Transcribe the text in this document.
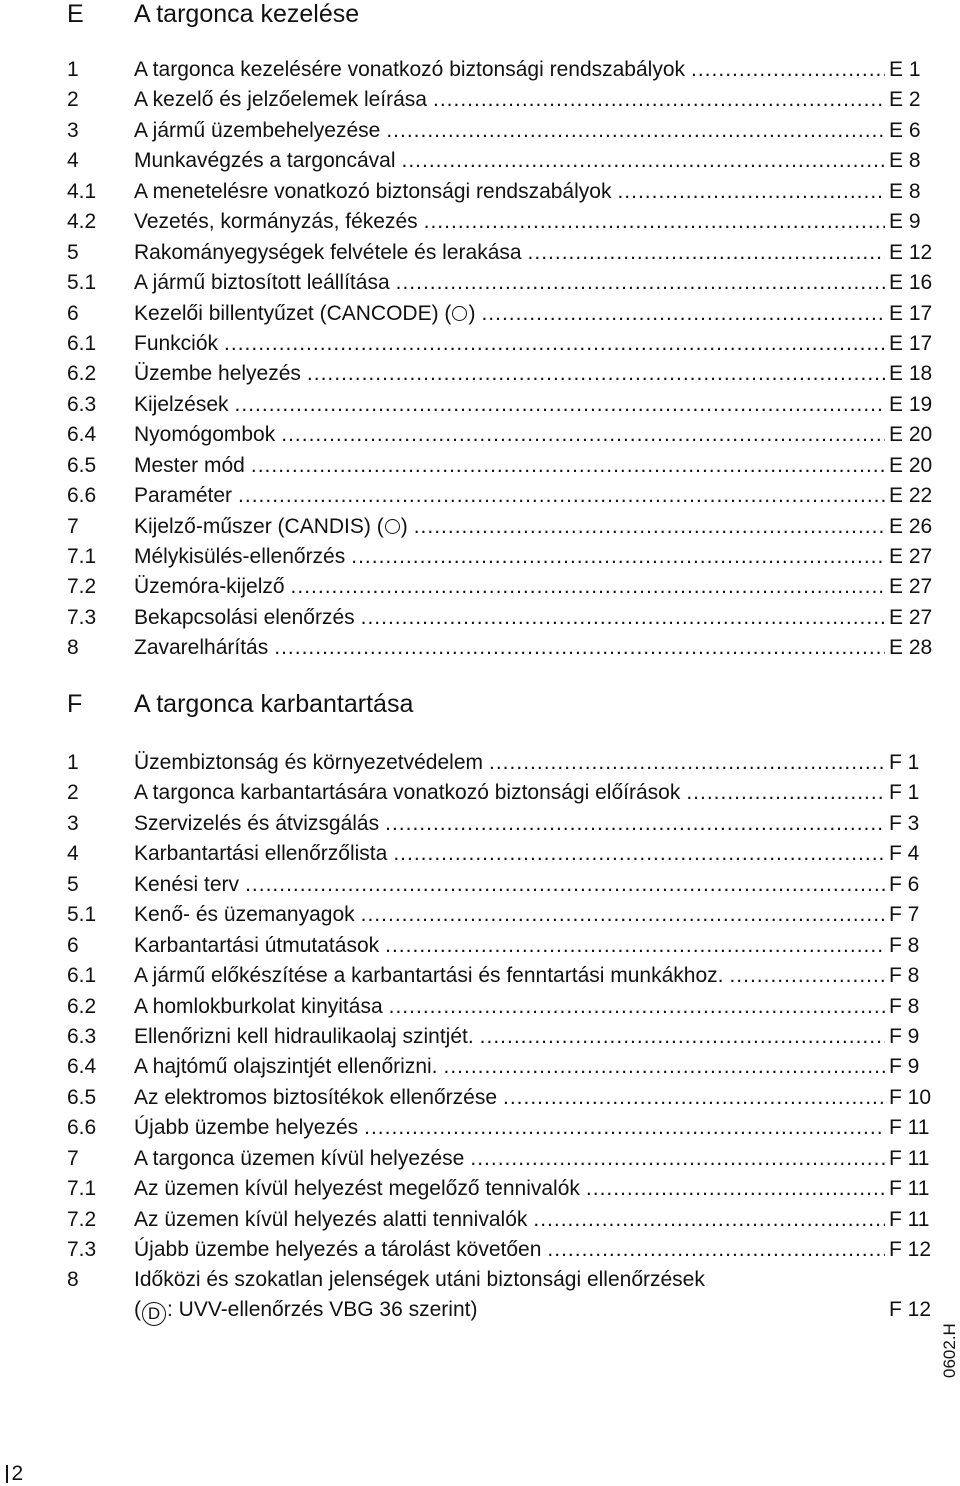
E A targonca kezelése
1	A targonca kezelésére vonatkozó biztonsági rendszabályok .....	E 1
2	A kezelő és jelzőelemek leírása .....	E 2
3	A jármű üzembehelyezése .....	E 6
4	Munkavégzés a targoncával .....	E 8
4.1 A menetelésre vonatkozó biztonsági rendszabályok .....	E 8
4.2 Vezetés, kormányzás, fékezés .....	E 9
5	Rakományegységek felvétele és lerakása .....	E 12
5.1 A jármű biztosított leállítása .....	E 16
6	Kezelői billentyűzet (CANCODE) ( ) .....	E 17
6.1 Funkciók .....	E 17
6.2 Üzembe helyezés .....	E 18
6.3 Kijelzések .....	E 19
6.4 Nyomógombok .....	E 20
6.5 Mester mód .....	E 20
6.6 Paraméter .....	E 22
7	Kijelző-műszer (CANDIS) ( ) .....	E 26
7.1 Mélykisülés-ellenőrzés .....	E 27
7.2 Üzemóra-kijelző .....	E 27
7.3 Bekapcsolási elenőrzés .....	E 27
8	Zavarelhárítás .....	E 28
F A targonca karbantartása
1	Üzembiztonság és környezetvédelem .....	F 1
2	A targonca karbantartására vonatkozó biztonsági előírások .....	F 1
3	Szervizelés és átvizsgálás .....	F 3
4	Karbantartási ellenőrzőlista .....	F 4
5	Kenési terv .....	F 6
5.1 Kenő- és üzemanyagok .....	F 7
6	Karbantartási útmutatások .....	F 8
6.1 A jármű előkészítése a karbantartási és fenntartási munkákhoz. .....	F 8
6.2 A homlokburkolat kinyitása .....	F 8
6.3 Ellenőrizni kell hidraulikaolaj szintjét. .....	F 9
6.4 A hajtómű olajszintjét ellenőrizni. .....	F 9
6.5 Az elektromos biztosítékok ellenőrzése .....	F 10
6.6 Újabb üzembe helyezés .....	F 11
7	A targonca üzemen kívül helyezése .....	F 11
7.1 Az üzemen kívül helyezést megelőző tennivalók .....	F 11
7.2 Az üzemen kívül helyezés alatti tennivalók .....	F 11
7.3 Újabb üzembe helyezés a tárolást követően .....	F 12
8	Időközi és szokatlan jelenségek utáni biztonsági ellenőrzések
( D : UVV-ellenőrzés VBG 36 szerint)	F 12
0602.H
2
